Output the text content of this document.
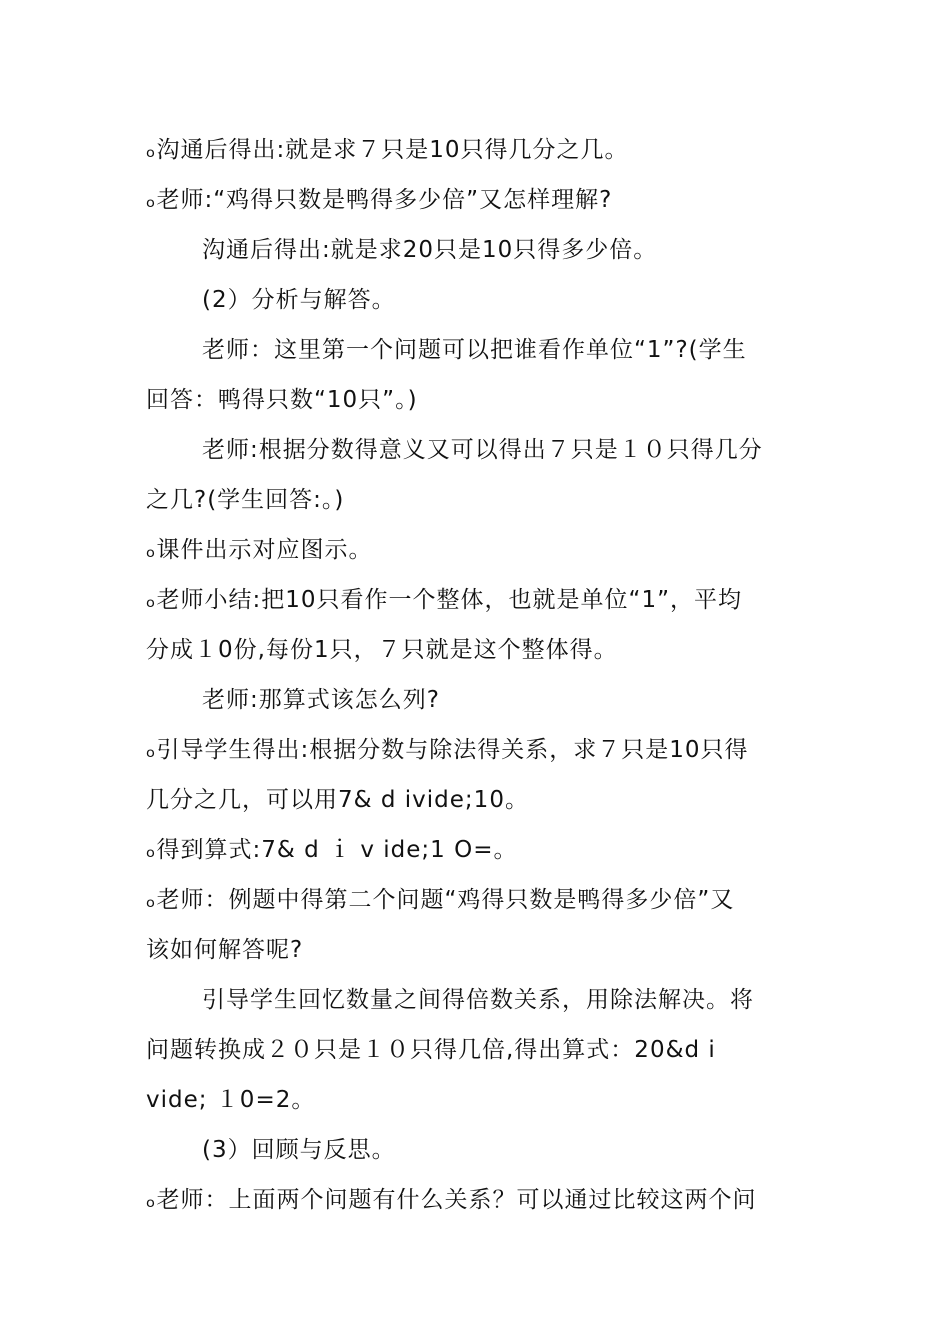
ₒ沟通后得出:就是求７只是10只得几分之几。
ₒ老师:“鸡得只数是鸭得多少倍”又怎样理解?
沟通后得出:就是求20只是10只得多少倍。
(2）分析与解答。
老师：这里第一个问题可以把谁看作单位“1”?(学生
回答：鸭得只数“10只”。)
老师:根据分数得意义又可以得出７只是１０只得几分
之几?(学生回答:。)
ₒ课件出示对应图示。
ₒ老师小结:把10只看作一个整体，也就是单位“1”，平均
分成１0份,每份1只，７只就是这个整体得。
老师:那算式该怎么列?
ₒ引导学生得出:根据分数与除法得关系，求７只是10只得
几分之几，可以用7& d ivide;10。
ₒ得到算式:7& d ｉ v ide;1 O=。
ₒ老师：例题中得第二个问题“鸡得只数是鸭得多少倍”又
该如何解答呢?
引导学生回忆数量之间得倍数关系，用除法解决。将
问题转换成２０只是１０只得几倍,得出算式：20&d i
vide; １0=2。
(3）回顾与反思。
ₒ老师：上面两个问题有什么关系？可以通过比较这两个问
